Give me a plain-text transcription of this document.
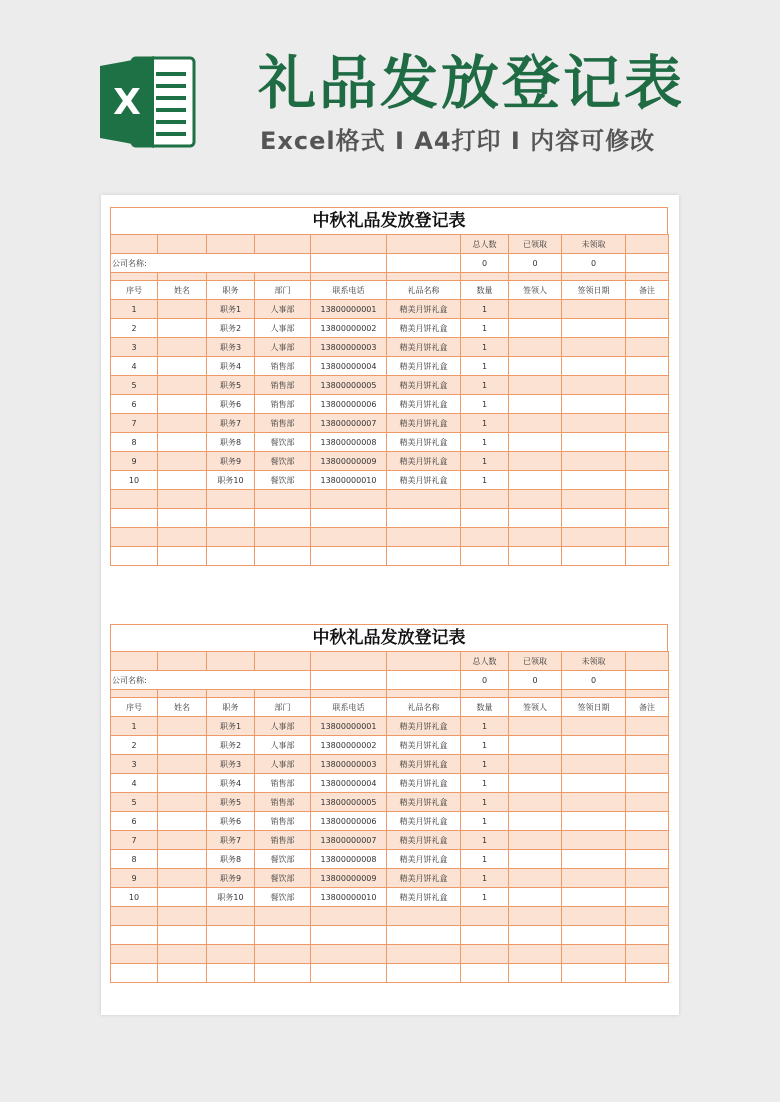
X 礼品发放登记表
Excel格式 I A4打印 I 内容可修改
中秋礼品发放登记表
						总人数	已领取	未领取	
公司名称:						0	0	0	

序号	姓名	职务	部门	联系电话	礼品名称	数量	签领人	签领日期	备注
1		职务1	人事部	13800000001	精美月饼礼盒	1			
2		职务2	人事部	13800000002	精美月饼礼盒	1			
3		职务3	人事部	13800000003	精美月饼礼盒	1			
4		职务4	销售部	13800000004	精美月饼礼盒	1			
5		职务5	销售部	13800000005	精美月饼礼盒	1			
6		职务6	销售部	13800000006	精美月饼礼盒	1			
7		职务7	销售部	13800000007	精美月饼礼盒	1			
8		职务8	餐饮部	13800000008	精美月饼礼盒	1			
9		职务9	餐饮部	13800000009	精美月饼礼盒	1			
10		职务10	餐饮部	13800000010	精美月饼礼盒	1			

中秋礼品发放登记表
						总人数	已领取	未领取	
公司名称:						0	0	0	

序号	姓名	职务	部门	联系电话	礼品名称	数量	签领人	签领日期	备注
1		职务1	人事部	13800000001	精美月饼礼盒	1			
2		职务2	人事部	13800000002	精美月饼礼盒	1			
3		职务3	人事部	13800000003	精美月饼礼盒	1			
4		职务4	销售部	13800000004	精美月饼礼盒	1			
5		职务5	销售部	13800000005	精美月饼礼盒	1			
6		职务6	销售部	13800000006	精美月饼礼盒	1			
7		职务7	销售部	13800000007	精美月饼礼盒	1			
8		职务8	餐饮部	13800000008	精美月饼礼盒	1			
9		职务9	餐饮部	13800000009	精美月饼礼盒	1			
10		职务10	餐饮部	13800000010	精美月饼礼盒	1			
